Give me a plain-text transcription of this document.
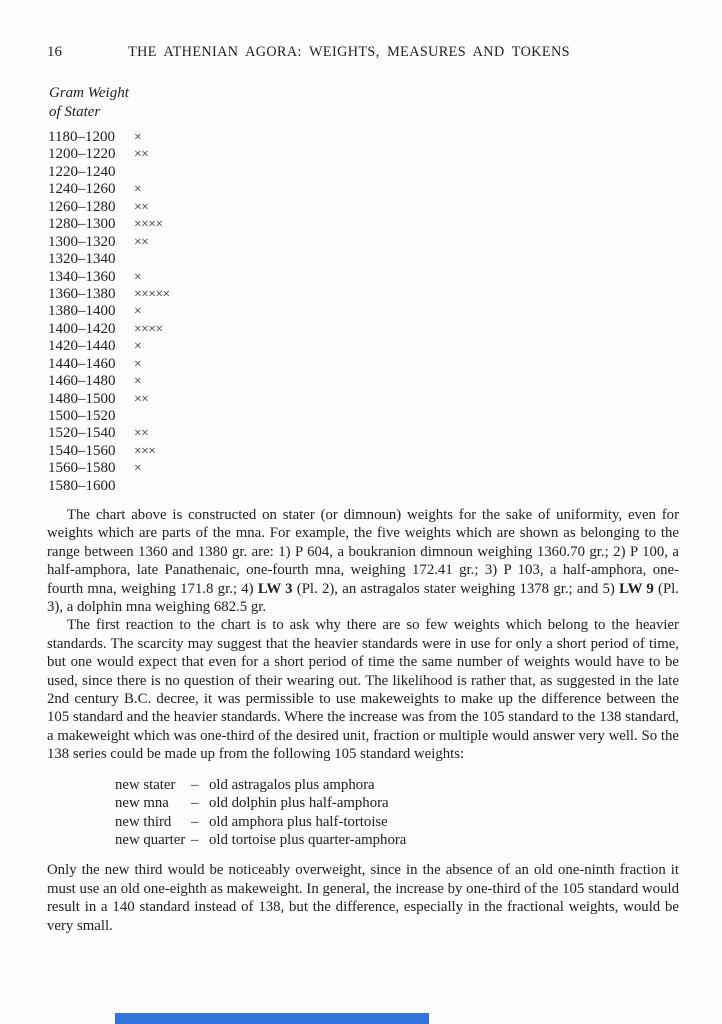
16	THE ATHENIAN AGORA: WEIGHTS, MEASURES AND TOKENS
Gram Weight
of Stater
1180–1200	×
1200–1220	××
1220–1240
1240–1260	×
1260–1280	××
1280–1300	××××
1300–1320	××
1320–1340
1340–1360	×
1360–1380	×××××
1380–1400	×
1400–1420	××××
1420–1440	×
1440–1460	×
1460–1480	×
1480–1500	××
1500–1520
1520–1540	××
1540–1560	×××
1560–1580	×
1580–1600

The chart above is constructed on stater (or dimnoun) weights for the sake of uniformity, even for weights which are parts of the mna. For example, the five weights which are shown as belonging to the range between 1360 and 1380 gr. are: 1) P 604, a boukranion dimnoun weighing 1360.70 gr.; 2) P 100, a half-amphora, late Panathenaic, one-fourth mna, weighing 172.41 gr.; 3) P 103, a half-amphora, one-fourth mna, weighing 171.8 gr.; 4) LW 3 (Pl. 2), an astragalos stater weighing 1378 gr.; and 5) LW 9 (Pl. 3), a dolphin mna weighing 682.5 gr.

The first reaction to the chart is to ask why there are so few weights which belong to the heavier standards. The scarcity may suggest that the heavier standards were in use for only a short period of time, but one would expect that even for a short period of time the same number of weights would have to be used, since there is no question of their wearing out. The likelihood is rather that, as suggested in the late 2nd century B.C. decree, it was permissible to use makeweights to make up the difference between the 105 standard and the heavier standards. Where the increase was from the 105 standard to the 138 standard, a makeweight which was one-third of the desired unit, fraction or multiple would answer very well. So the 138 series could be made up from the following 105 standard weights:

new stater	– old astragalos plus amphora
new mna	– old dolphin plus half-amphora
new third	– old amphora plus half-tortoise
new quarter – old tortoise plus quarter-amphora

Only the new third would be noticeably overweight, since in the absence of an old one-ninth fraction it must use an old one-eighth as makeweight. In general, the increase by one-third of the 105 standard would result in a 140 standard instead of 138, but the difference, especially in the fractional weights, would be very small.
